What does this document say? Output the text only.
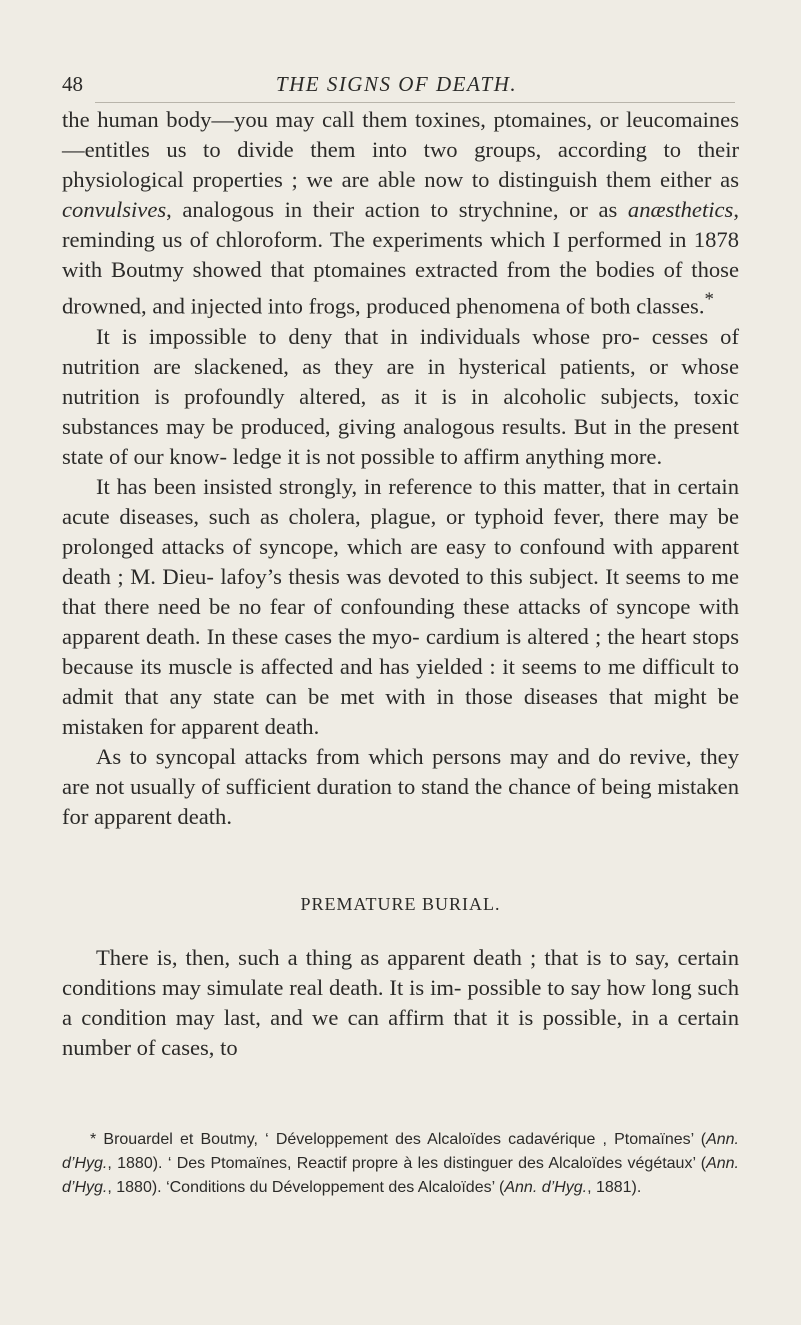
48	THE SIGNS OF DEATH.

the human body—you may call them toxines, ptomaines, or leucomaines—entitles us to divide them into two groups, according to their physiological properties ; we are able now to distinguish them either as convulsives, analogous in their action to strychnine, or as anæsthetics, reminding us of chloroform. The experiments which I performed in 1878 with Boutmy showed that ptomaines extracted from the bodies of those drowned, and injected into frogs, produced phenomena of both classes.*

It is impossible to deny that in individuals whose pro- cesses of nutrition are slackened, as they are in hysterical patients, or whose nutrition is profoundly altered, as it is in alcoholic subjects, toxic substances may be produced, giving analogous results. But in the present state of our know- ledge it is not possible to affirm anything more.

It has been insisted strongly, in reference to this matter, that in certain acute diseases, such as cholera, plague, or typhoid fever, there may be prolonged attacks of syncope, which are easy to confound with apparent death ; M. Dieu- lafoy’s thesis was devoted to this subject. It seems to me that there need be no fear of confounding these attacks of syncope with apparent death. In these cases the myo- cardium is altered ; the heart stops because its muscle is affected and has yielded : it seems to me difficult to admit that any state can be met with in those diseases that might be mistaken for apparent death.

As to syncopal attacks from which persons may and do revive, they are not usually of sufficient duration to stand the chance of being mistaken for apparent death.

PREMATURE BURIAL.

There is, then, such a thing as apparent death ; that is to say, certain conditions may simulate real death. It is im- possible to say how long such a condition may last, and we can affirm that it is possible, in a certain number of cases, to

* Brouardel et Boutmy, ‘ Développement des Alcaloïdes cadavérique , Ptomaïnes’ (Ann. d’Hyg., 1880). ‘ Des Ptomaïnes, Reactif propre à les distinguer des Alcaloïdes végétaux’ (Ann. d’Hyg., 1880). ‘Conditions du Développement des Alcaloïdes’ (Ann. d’Hyg., 1881).
